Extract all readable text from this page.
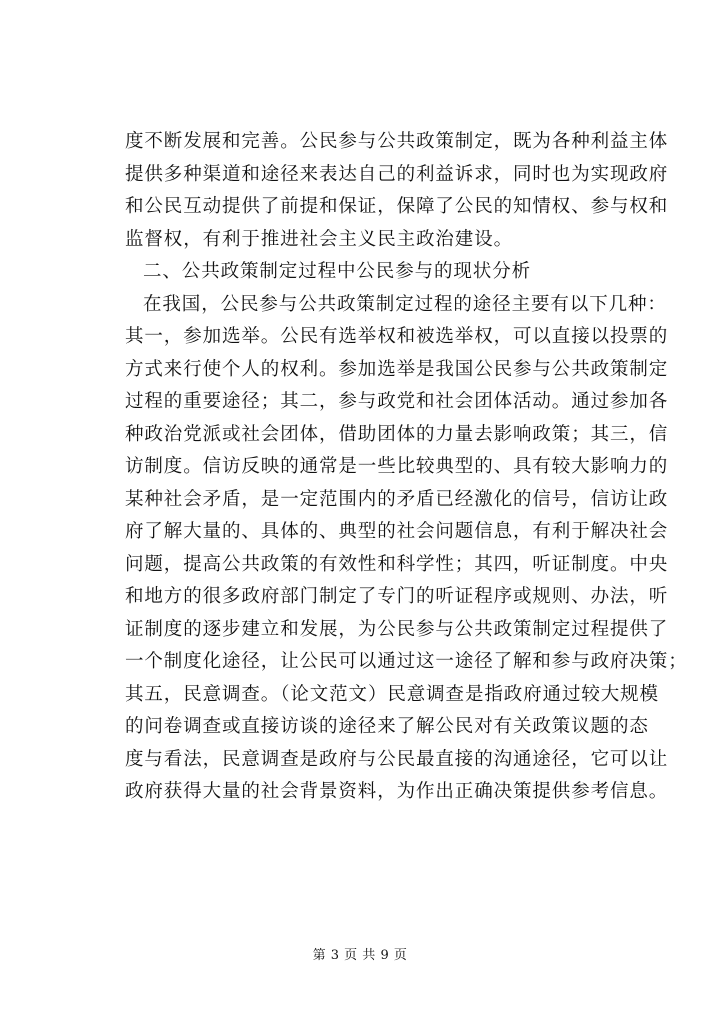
度不断发展和完善。公民参与公共政策制定，既为各种利益主体
提供多种渠道和途径来表达自己的利益诉求，同时也为实现政府
和公民互动提供了前提和保证，保障了公民的知情权、参与权和
监督权，有利于推进社会主义民主政治建设。
二、公共政策制定过程中公民参与的现状分析
在我国，公民参与公共政策制定过程的途径主要有以下几种：
其一，参加选举。公民有选举权和被选举权，可以直接以投票的
方式来行使个人的权利。参加选举是我国公民参与公共政策制定
过程的重要途径；其二，参与政党和社会团体活动。通过参加各
种政治党派或社会团体，借助团体的力量去影响政策；其三，信
访制度。信访反映的通常是一些比较典型的、具有较大影响力的
某种社会矛盾，是一定范围内的矛盾已经激化的信号，信访让政
府了解大量的、具体的、典型的社会问题信息，有利于解决社会
问题，提高公共政策的有效性和科学性；其四，听证制度。中央
和地方的很多政府部门制定了专门的听证程序或规则、办法，听
证制度的逐步建立和发展，为公民参与公共政策制定过程提供了
一个制度化途径，让公民可以通过这一途径了解和参与政府决策；
其五，民意调查。（论文范文）民意调查是指政府通过较大规模
的问卷调查或直接访谈的途径来了解公民对有关政策议题的态
度与看法，民意调查是政府与公民最直接的沟通途径，它可以让
政府获得大量的社会背景资料，为作出正确决策提供参考信息。
第 3 页 共 9 页
